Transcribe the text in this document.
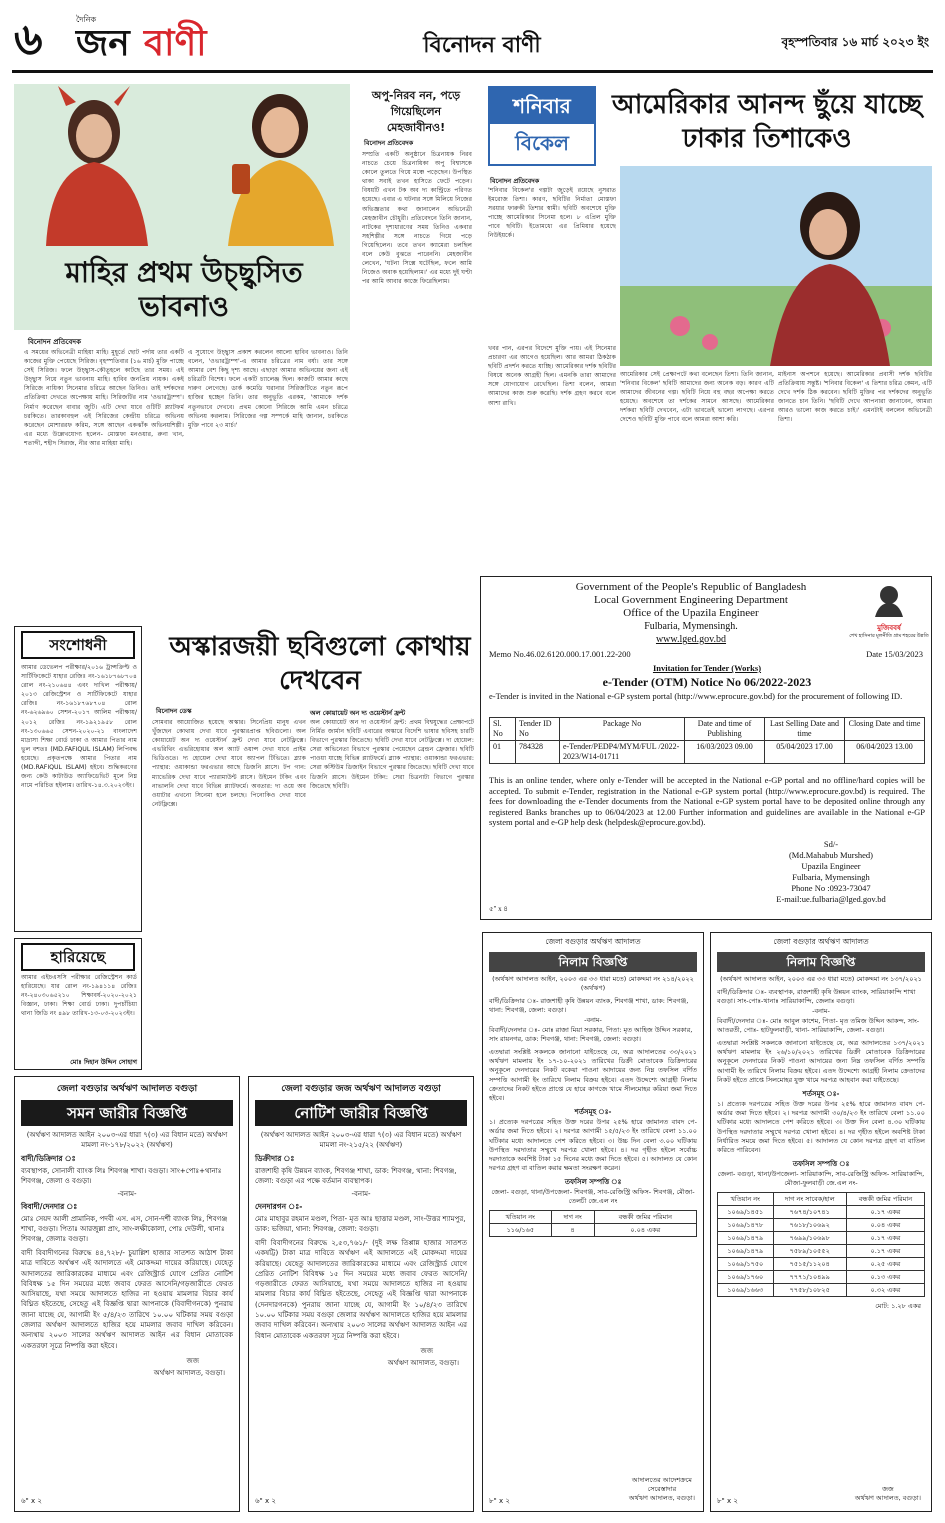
৬	দৈনিক
জন বাণী	বিনোদন বাণী	বৃহস্পতিবার ১৬ মার্চ ২০২৩ ইং
মাহির প্রথম উচ্ছ্বসিত ভাবনাও
বিনোদন প্রতিবেদক
এ সময়ের অভিনেত্রী মাহিয়া মাহি। মুহূর্তে ছোট পর্দায় তার একটি কাজের মুক্তি পেয়েছে সিরিজ। বৃহস্পতিবার (১৬ মার্চ) মুক্তি পাচ্ছে সেই সিরিজ। ফলে উচ্ছ্বাস-কৌতূহলে কাটছে তার সময়। এই উচ্ছ্বাস নিয়ে নতুন ভাবনায় মাহি। হাবিব জনপ্রিয় নায়ক। একই সিরিজে নায়িকা সিনেমার চরিত্রে আছেন তিনিও। তাই দর্শকদের প্রতিক্রিয়া দেখতে অপেক্ষায় মাহি। সিরিজটির নাম 'ওভারট্রাম্প'। নির্মাণ করেছেন বাবার জুটি। এটি দেখা যাবে ওটিটি প্ল্যাটফর্ম চরকিতে। তারকাবহুল এই সিরিজের কেন্দ্রীয় চরিত্রে অভিনয় করেছেন মোশাররফ করিম, সঙ্গে আছেন একঝাঁক অভিনয়শিল্পী। এর মধ্যে উল্লেখযোগ্য হলেন- মোস্তফা মনওয়ার, রুনা খান, শতাব্দী, শহীদ সিরাজ, নীর আর মাহিয়া মাহি।
এ সুযোগে উচ্ছ্বাস প্রকাশ করলেন আলো হাবিব ভাবনাও। তিনি বলেন, 'ওভারট্রাম্প'-এ আমার চরিত্রের নাম বর্ষা। তার সঙ্গে আমার বেশ কিছু দৃশ্য আছে। এছাড়া আমার অভিনয়ের জন্য এই চরিত্রটি বিশেষ। ফলে একটি চ্যালেঞ্জ ছিল। কাজটি আমার কাছে দারুণ লেগেছে। ডার্ক কমেডি ঘরানার সিরিজটিতে নতুন রূপে হাজির হচ্ছেন তিনি। তার অনুভূতি এরকম, 'আমাকে দর্শক নতুনভাবে দেখবে। প্রথম কোনো সিরিজে আমি এমন চরিত্রে অভিনয় করলাম। সিরিজের গল্প সম্পর্কে মাহি জানান, চরকিতে মুক্তি পাবে ২৩ মার্চ।'
অপু-নিরব নন, পড়ে গিয়েছিলেন মেহজাবীনও!
বিনোদন প্রতিবেদক
সম্প্রতি একটি অনুষ্ঠানে চিত্রনায়ক নিরব নাচতে চেয়ে চিত্রনায়িকা অপু বিশ্বাসকে কোলে তুলতে গিয়ে মঞ্চে পড়েছেন। উপস্থিত থাকা সবাই তখন হাসিতে ফেটে পড়েন। বিষয়টি এখন টক অব দ্য কান্ট্রিতে পরিণত হয়েছে। এবার এ ঘটনার সঙ্গে মিলিয়ে নিজের অভিজ্ঞতার কথা জানালেন অভিনেত্রী মেহজাবীন চৌধুরী। প্রতিবেদনে তিনি জানান, নাটকের দৃশ্যধারণের সময় তিনিও একবার সহশিল্পীর সঙ্গে নাচতে গিয়ে পড়ে গিয়েছিলেন। তবে তখন ক্যামেরা চলছিল বলে কেউ বুঝতে পারেননি। মেহজাবীন লেখেন, 'ঘটনা সিক্সে ঘটেছিল, ফলে আমি নিজেও অবাক হয়েছিলাম।' এর মধ্যে দুই ঘণ্টা পর আমি আবার কাজে ফিরেছিলাম।
শনিবার
বিকেল
আমেরিকার আনন্দ ছুঁয়ে যাচ্ছে ঢাকার তিশাকেও
বিনোদন প্রতিবেদক
'শনিবার বিকেল'র গল্পটা জুড়েই রয়েছে নুসরাত ইমরোজ তিশা। কারণ, ছবিটির নির্মাতা মোস্তফা সরয়ার ফারুকী তিশার স্বামী। ছবিটি অবশেষে মুক্তি পাচ্ছে আমেরিকার সিনেমা হলে। ৮ এপ্রিল মুক্তি পাবে ছবিটি। ইতোমধ্যে এর প্রিমিয়ার হয়েছে নিউইয়র্কে।
খবর পান, এরপর বিদেশে মুক্তি পায়। এই সিনেমার প্রচারণা এর আগেও হয়েছিল। আর আমরা ঠিকঠাক ছবিটি প্রদর্শন করতে যাচ্ছি। আমেরিকার দর্শক ছবিটির বিষয়ে অনেক আগ্রহী ছিল। এমনকি তারা আমাদের সঙ্গে যোগাযোগ রেখেছিল। তিশা বলেন, আমরা আমাদের কাজ শুরু করেছি। দর্শক গ্রহণ করবে বলে আশা রাখি।
আমেরিকার সেই প্রেক্ষাপটে কথা বলেছেন তিশা। তিনি জানান, 'শনিবার বিকেল' ছবিটি আমাদের জন্য অনেক বড়। কারণ এটি আমাদের জীবনের গল্প। ছবিটি নিয়ে বহু বছর অপেক্ষা করতে হয়েছে। অবশেষে তা দর্শকের সামনে আসছে। আমেরিকার দর্শকরা ছবিটি দেখবেন, এটা ভাবতেই ভালো লাগছে। এরপর দেশেও ছবিটি মুক্তি পাবে বলে আমরা আশা করি।
মাইনাস অপশনে হয়েছে। আমেরিকার প্রবাসী দর্শক ছবিটির প্রতিক্রিয়ায় সন্তুষ্ট। 'শনিবার বিকেল' এ তিশার চরিত্র কেমন, এটি দেখে দর্শক ঠিক করবেন। ছবিটি মুক্তির পর দর্শকদের অনুভূতি জানতে চান তিনি। 'ছবিটি দেখে আপনারা জানাবেন, আমরা আরও ভালো কাজ করতে চাই।' এমনটাই বললেন অভিনেত্রী তিশা।
সংশোধনী
আমার ডেভেলপ পরীক্ষার/২০১৬ ট্রান্সক্রিপ্ট ও সার্টিফিকেটে যাহার রেজিঃ নং-১৬১৮৭৬৮৭০৪ রোল নং-২১০৬৪৪ এবং দাখিল পরীক্ষায়/২০১৩ রেজিস্ট্রেশন ও সার্টিফিকেটে যাহার রেজিঃ নং-১৬১৮৭৬৮৭০৪ রোল নং-৬২৬৯৬০ সেশন-২০১৭ আলিম পরীক্ষায়/২০১২ রেজিঃ নং-১৯২১৯৫৮ রোল নং-১৩০৬৬৫ সেশন-২০২০-২১ বাংলাদেশ মাদ্রাসা শিক্ষা বোর্ড ঢাকা ও আমার পিতার নাম ভুল বশতঃ (MD.FAFIQUL ISLAM) লিপিবদ্ধ হয়েছে। প্রকৃতপক্ষে আমার পিতার নাম (MD.RAFIQUL ISLAM) হইবে। শুদ্ধিকরণের জন্য কেউ কাটাউড অ্যাফিডেভিট মূলে নিম্ন নামে পরিচিত হইলাম। তারিখ-১৪.৩.২০২৩ইং।
হারিয়েছে
আমার এইচএসসি পরীক্ষার রেজিস্ট্রেশন কার্ড হারিয়েছে। যার রোল নং-১৯৪১১৪ রেজিঃ নং-২৪০৩০৬৫২১০ শিক্ষাবর্ষ-২০২০-২০২১ বিজ্ঞান, ঢাকা। শিক্ষা বোর্ড ঢাকা। দুপচাঁচিয়া থানা জিডি নং ৪৯৮ তারিখ-১৩-০৩-২০২৩ইং।
মোঃ দিহান উদ্দিন সোহাগ
অস্কারজয়ী ছবিগুলো কোথায় দেখবেন
বিনোদন ডেস্ক
সোমবার আয়োজিত হয়েছে অস্কার। সিনেপ্রিয় মানুষ এখন খুঁজছেন কোথায় দেখা যাবে পুরস্কারপ্রাপ্ত ছবিগুলো। অল কোয়ায়েট অন দ্য ওয়েস্টার্ন ফ্রন্ট দেখা যাবে নেটফ্লিক্সে। এভরিথিং এভরিহোয়ার অল অ্যাট ওয়ান্স দেখা যাবে প্রাইম ভিডিওতে। দ্য হোয়েল দেখা যাবে অ্যাপল টিভিতে। ব্ল্যাক প্যান্থার: ওয়াকান্ডা ফরএভার আছে ডিজনি প্লাসে। টপ গান: ম্যাভেরিক দেখা যাবে প্যারামাউন্ট প্লাসে। উইমেন টকিং এবং নাভালনি দেখা যাবে বিভিন্ন প্ল্যাটফর্মে। অবতার: দ্য ওয়ে অব ওয়াটার এখনো সিনেমা হলে চলছে। পিনোকিও দেখা যাবে নেটফ্লিক্সে।
অল কোয়ায়েট অন দ্য ওয়েস্টার্ন ফ্রন্ট
অল কোয়ায়েট অন দ্য ওয়েস্টার্ন ফ্রন্ট: প্রথম বিশ্বযুদ্ধের প্রেক্ষাপটে নির্মিত জার্মান ছবিটি এবারের অস্কারে বিদেশি ভাষার ছবিসহ চারটি বিভাগে পুরস্কার জিতেছে। ছবিটি দেখা যাবে নেটফ্লিক্সে। দ্য হোয়েল: সেরা অভিনেতা বিভাগে পুরস্কার পেয়েছেন ব্রেন্ডন ফ্রেজার। ছবিটি পাওয়া যাচ্ছে বিভিন্ন প্ল্যাটফর্মে। ব্ল্যাক প্যান্থার: ওয়াকান্ডা ফরএভার: সেরা কস্টিউম ডিজাইন বিভাগে পুরস্কার জিতেছে। ছবিটি দেখা যাবে ডিজনি প্লাসে। উইমেন টকিং: সেরা চিত্রনাট্য বিভাগে পুরস্কার জিতেছে ছবিটি।
Government of the People's Republic of Bangladesh
Local Government Engineering Department
Office of the Upazila Engineer
Fulbaria, Mymensingh.
www.lged.gov.bd
মুজিববর্ষ
শেখ হাসিনার মূলনীতি গ্রাম শহরের উন্নতি
Memo No.46.02.6120.000.17.001.22-200	Date 15/03/2023
Invitation for Tender (Works)
e-Tender (OTM) Notice No 06/2022-2023
e-Tender is invited in the National e-GP system portal (http://www.eprocure.gov.bd) for the procurement of following ID.
Sl. No	Tender ID No	Package No	Date and time of Publishing	Last Selling Date and time	Closing Date and time
01	784328	e-Tender/PEDP4/MYM/FUL /2022- 2023/W14-01711	16/03/2023 09.00	05/04/2023 17.00	06/04/2023 13.00
This is an online tender, where only e-Tender will be accepted in the National e-GP portal and no offline/hard copies will be accepted. To submit e-Tender, registration in the National e-GP system portal (http://www.eprocure.gov.bd) is required. The fees for downloading the e-Tender documents from the National e-GP system portal have to be deposited online through any registered Banks branches up to 06/04/2023 at 12.00 Further information and guidelines are available in the National e-GP system portal and e-GP help desk (helpdesk@eprocure.gov.bd).
Sd/-
(Md.Mahabub Murshed)
Upazila Engineer
Fulbaria, Mymensingh
Phone No :0923-73047
E-mail:ue.fulbaria@lged.gov.bd
৫" x ৪
জেলা বগুড়ার অর্থঋণ আদালত বগুড়া
সমন জারীর বিজ্ঞপ্তি
(অর্থঋণ আদালত আইন ২০০৩-এর ধারা ৭(৩) এর বিধান মতে) অর্থঋণ মামলা নং-১৭৮/২০২২ (অর্থঋণ)
বাদী/ডিক্রিদার ঃ
ব্যবস্থাপক, সোনালী ব্যাংক লিঃ শিবগঞ্জ শাখা। বগুড়া। সাং+পোঃ+থানাঃ শিবগঞ্জ, জেলা ও বগুড়া।
-বনাম-
বিবাদী/দেনদার ঃ
মোঃ সেয়দ আলী প্রামানিক, পদবী এস. এস, সোন-দর্শী ব্যাংক লিঃ, শিবগঞ্জ শাখা, বগুড়া। পিতাঃ আরজুল্লা প্রাং, সাং-লক্ষীকোলা, পোঃ দেউলী, থানাঃ শিবগঞ্জ, জেলাঃ বগুড়া।
বাদী বিবাদীগনের বিরুদ্ধে ৪৪,৭২৮/- চুয়াল্লিশ হাজার সাতশত আঠাশ টাকা মাত্র দাবিতে অর্থঋণ এই আদালতে এই মোকদ্দমা দায়ের করিয়াছে। যেহেতু আদালতের জারিকারকের মাধ্যমে এবং রেজিস্ট্রার্ড যোগে প্রেরিত নোটিশ বিবিধক্ষ ১৫ দিন সময়ের মধ্যে জবাব ফেরত আসেনি/গড়জারীতে ফেরত আসিয়াছে, যথা সময়ে আদালতে হাজির না হওয়ায় মামলার বিচার কার্য বিঘ্নিত হইতেছে, সেহেতু এই বিজ্ঞপ্তি দ্বারা আপনাকে (বিবাদীগনকে) পুনরায় জানা যাচ্ছে যে, আগামী ইং ৫/৪/২৩ তারিখে ১০.০০ ঘটিকার সময় বগুড়া জেলার অর্থঋণ আদালতে হাজির হয়ে মামলার জবাব দাখিল করিবেন। অন্যথায় ২০০৩ সালের অর্থঋণ আদালত আইন এর বিধান মোতাবেক একতরফা সূত্রে নিষ্পত্তি করা হইবে।
জজ
অর্থঋণ আদালত, বগুড়া।
৬" x ২
জেলা বগুড়ার জজ অর্থঋণ আদালত বগুড়া
নোটিশ জারীর বিজ্ঞপ্তি
(অর্থঋণ আদালত আইন ২০০৩-এর ধারা ৭(৩) এর বিধান মতে) অর্থঋণ মামলা নং-২১৫/২২ (অর্থঋণ)
ডিক্রীদার ঃ
রাজশাহী কৃষি উন্নয়ন ব্যাংক, শিবগঞ্জ শাখা, ডাক: শিবগঞ্জ, থানা: শিবগঞ্জ, জেলা: বগুড়া এর পক্ষে বর্তমান ব্যবস্থাপক।
-বনাম-
দেনদারগন ঃ-
মোঃ মাহাবুর রহমান মণ্ডল, পিতা- মৃত আঃ ছাত্তার মণ্ডল, সাং-উত্তর শ্যামপুর, ডাক: ভজিয়া, থানা: শিবগঞ্জ, জেলা: বগুড়া।
বাদী বিবাদীগনের বিরুদ্ধে ২,৫৩,৭৬১/- (দুই লক্ষ তিপ্পান্ন হাজার সাতশত একষট্টি) টাকা মাত্র দাবিতে অর্থঋণ এই আদালতে এই মোকদ্দমা দায়ের করিয়াছে। যেহেতু আদালতের জারিকারকের মাধ্যমে এবং রেজিস্ট্রার্ড যোগে প্রেরিত নোটিশ বিবিধক্ষ ১৫ দিন সময়ের মধ্যে জবাব ফেরত আসেনি/গড়জারীতে ফেরত আসিয়াছে, যথা সময়ে আদালতে হাজির না হওয়ায় মামলার বিচার কার্য বিঘ্নিত হইতেছে, সেহেতু এই বিজ্ঞপ্তি দ্বারা আপনাকে (দেনদারগনকে) পুনরায় জানা যাচ্ছে যে, আগামী ইং ১০/৪/২৩ তারিখে ১০.০০ ঘটিকার সময় বগুড়া জেলার অর্থঋণ আদালতে হাজির হয়ে মামলার জবাব দাখিল করিবেন। অন্যথায় ২০০৩ সালের অর্থঋণ আদালত আইন এর বিধান মোতাবেক একতরফা সূত্রে নিষ্পত্তি করা হইবে।
জজ
অর্থঋণ আদালত, বগুড়া।
৬" x ২
জেলা বগুড়ার অর্থঋণ আদালত
নিলাম বিজ্ঞপ্তি
(অর্থঋণ আদালত আইন, ২০০৩ এর ৩৩ ধারা মতে) মোকদ্দমা নং ২১৪/২০২২ (অর্থঋণ)
বাদী/ডিক্রিদার ঃ- রাজশাহী কৃষি উন্নয়ন ব্যাংক, শিবগঞ্জ শাখা, ডাক: শিবগঞ্জ, থানা: শিবগঞ্জ, জেলা: বগুড়া।
-বনাম-
বিবাদী/দেনদার ঃ- মোঃ রাজা মিয়া সরকার, পিতা: মৃত আহিজ উদ্দিন সরকার, সাং রায়নগর, ডাক: শিবগঞ্জ, থানা: শিবগঞ্জ, জেলা: বগুড়া।
এতদ্বারা সংশ্লিষ্ট সকলকে জানানো যাইতেছে যে, অত্র আদালতের ৩৩/২০২১ অর্থঋণ মামলায় ইং ১৭-১০-২০২১ তারিখের ডিক্রী মোতাবেক ডিক্রিদারের অনুকূলে দেনদারের নিকট বকেয়া পাওনা আদায়ের জন্য নিম্ন তফসিল বর্ণিত সম্পত্তি আগামী ইং তারিখে নিলাম বিক্রয় হইবে। এতদ উদ্দেশ্যে আগ্রহী নিলাম ক্রেতাদের নিকট হইতে প্রাপ্তে যে হারে কাগজে খামে সীলমোহর করিয়া জমা দিতে হইবে।
শর্তসমূহ ঃ-
১। প্রত্যেক দরপত্রের সহিত উক্ত দরের উপর ২৫% হারে জামানত বাবদ পে-অর্ডার জমা দিতে হইবে। ২। দরপত্র আগামী ১৫/৫/২৩ ইং তারিখে বেলা ১১.০০ ঘটিকার মধ্যে আদালতে পেশ করিতে হইবে। ৩। উচ্চ দিন বেলা ৩.০০ ঘটিকায় উপস্থিত দরদাতার সম্মুখে দরপত্র খোলা হইবে। ৪। দর গৃহীত হইলে সর্বোচ্চ দরদাতাকে অবশিষ্ট টাকা ১৫ দিনের মধ্যে জমা দিতে হইবে। ৫। আদালত যে কোন দরপত্র গ্রহণ বা বাতিল করার ক্ষমতা সংরক্ষণ করেন।
তফসিল সম্পত্তি ঃ
জেলা- বগুড়া, থানা/উপজেলা- শিবগঞ্জ, সাব-রেজিস্ট্রি অফিস- শিবগঞ্জ, মৌজা- তেলচী জে.এল নং
খতিয়ান নং	দাগ নং	বন্ধকী জমির পরিমান
১১৬/১৬৫	৪	০.০৪ একর
আদালতের আদেশক্রমে
সেরেস্তাদার
অর্থঋণ আদালত, বগুড়া।
৮" x ২
জেলা বগুড়ার অর্থঋণ আদালত
নিলাম বিজ্ঞপ্তি
(অর্থঋণ আদালত আইন, ২০০৩ এর ৩৩ ধারা মতে) মোকদ্দমা নং ১৩৭/২০২১
বাদী/ডিক্রিদার ঃ- ব্যবস্থাপক, রাজশাহী কৃষি উন্নয়ন ব্যাংক, সারিয়াকান্দি শাখা বগুড়া। সাং-পোঃ-থানাঃ সারিয়াকান্দি, জেলাঃ বগুড়া।
-বনাম-
বিবাদী/দেনদার ঃ- মোঃ আবুল কাশেম, পিতা- মৃত তমিজ উদ্দিন আকন্দ, সাং- আতরতী, পোঃ- হাটফুলবাড়ী, থানা- সারিয়াকান্দি, জেলা- বগুড়া।
এতদ্বারা সংশ্লিষ্ট সকলকে জানানো যাইতেছে যে, অত্র আদালতের ১৩৭/২০২১ অর্থঋণ মামলায় ইং ২৬/১০/২০২১ তারিখের ডিক্রী মোতাবেক ডিক্রিদারের অনুকূলে দেনদারের নিকট পাওনা আদায়ের জন্য নিম্ন তফসিল বর্ণিত সম্পত্তি আগামী ইং তারিখে নিলাম বিক্রয় হইবে। এতদ উদ্দেশ্যে আগ্রহী নিলাম ক্রেতাদের নিকট হইতে প্রাপ্তে সিলমোহর যুক্ত খামে দরপত্র আহবান করা যাইতেছে।
শর্তসমূহ ঃ-
১। প্রত্যেক দরপত্রের সহিত উক্ত দরের উপর ২৫% হারে জামানত বাবদ পে-অর্ডার জমা দিতে হইবে। ২। দরপত্র আগামী ৩০/৪/২৩ ইং তারিখে বেলা ১১.০০ ঘটিকার মধ্যে আদালতে পেশ করিতে হইবে। ৩। উক্ত দিন বেলা ৪.৩০ ঘটিকায় উপস্থিত দরদাতার সম্মুখে দরপত্র খোলা হইবে। ৪। দর গৃহীত হইলে অবশিষ্ট টাকা নির্ধারিত সময়ে জমা দিতে হইবে। ৫। আদালত যে কোন দরপত্র গ্রহণ বা বাতিল করিতে পারিবেন।
তফসিল সম্পত্তি ঃ
জেলা- বগুড়া, থানা/উপজেলা- সারিয়াকান্দি, সাব-রেজিস্ট্রি অফিস- সারিয়াকান্দি, মৌজা-ফুলবাড়ী জে.এল নং-
খতিয়ান নং	দাগ নং সাবেক/হাল	বন্ধকী জমির পরিমান
১০৬৯/১৪৫১	৭৬৭৪/১০৭৪১	০.১৭ একর
১০৬৯/১৪৭৮	৭৬১৮/১০৬৯২	০.০৪ একর
১০৬৯/১৪৭৯	৭৬৯৯/১০৬৯৮	০.১৭ একর
১০৬৯/১৪৭৯	৭৫৮৯/১০৫৫২	০.১৭ একর
১০৬৯/১৭৫০	৭৫১৫/১১২০৪	০.২৫ একর
১০৬৯/১৭৬০	৭৭৭১/১০৪৯৯	০.১৩ একর
১০৬৯/১৬৬৩	৭৭৫৮/১০৮২৫	০.৩২ একর
মোট: ১.২৮ একর
জজ
অর্থঋণ আদালত, বগুড়া।
৮" x ২
